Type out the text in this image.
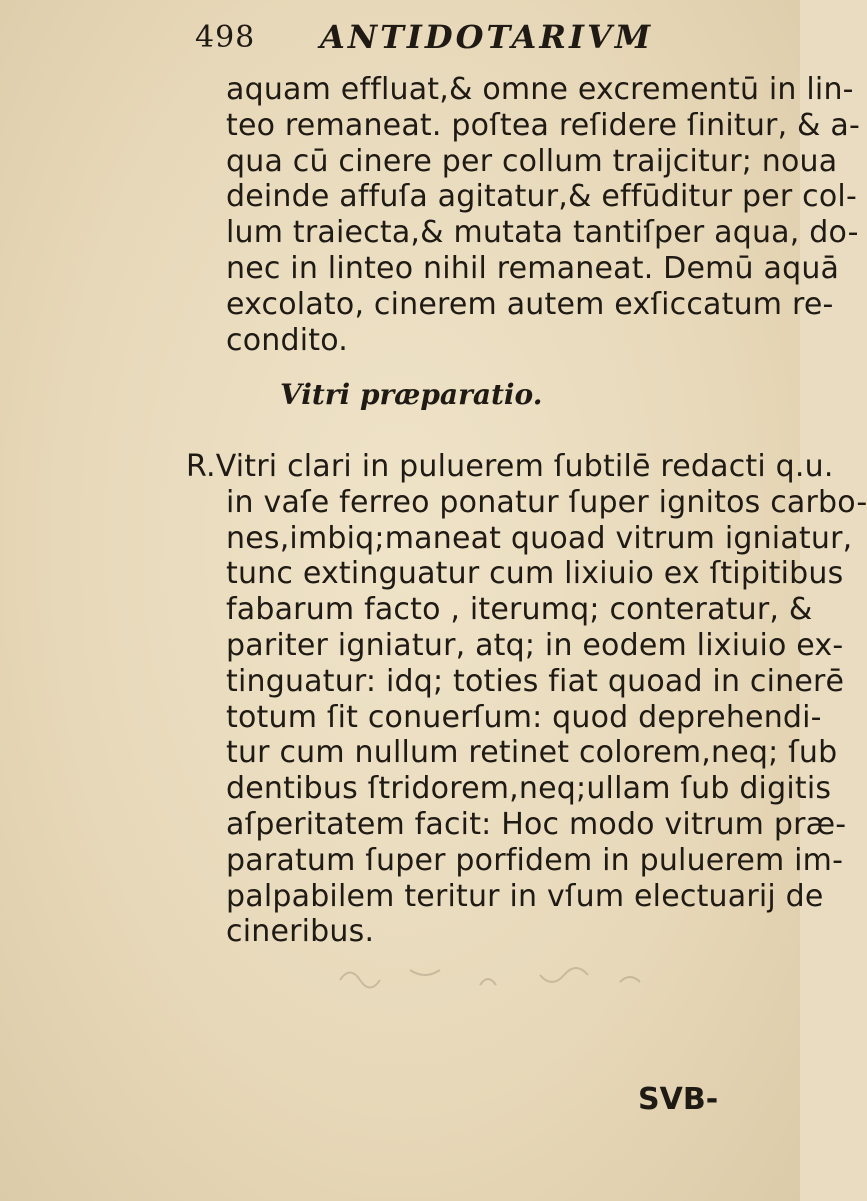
498 ANTIDOTARIVM
aquam effluat,& omne excrementū in lin-
teo remaneat. poſtea reſidere ſinitur, & a-
qua cū cinere per collum traijcitur; noua
deinde affuſa agitatur,& effūditur per col-
lum traiecta,& mutata tantiſper aqua, do-
nec in linteo nihil remaneat. Demū aquā
excolato, cinerem autem exſiccatum re-
condito.
Vitri præparatio.
R.Vitri clari in puluerem ſubtilē redacti q.u.
in vaſe ferreo ponatur ſuper ignitos carbo-
nes,imbiq;maneat quoad vitrum igniatur,
tunc extinguatur cum lixiuio ex ſtipitibus
fabarum facto , iterumq; conteratur, &
pariter igniatur, atq; in eodem lixiuio ex-
tinguatur: idq; toties fiat quoad in cinerē
totum ſit conuerſum: quod deprehendi-
tur cum nullum retinet colorem,neq; ſub
dentibus ſtridorem,neq;ullam ſub digitis
aſperitatem facit: Hoc modo vitrum præ-
paratum ſuper porfidem in puluerem im-
palpabilem teritur in vſum electuarij de
cineribus.
SVB-
